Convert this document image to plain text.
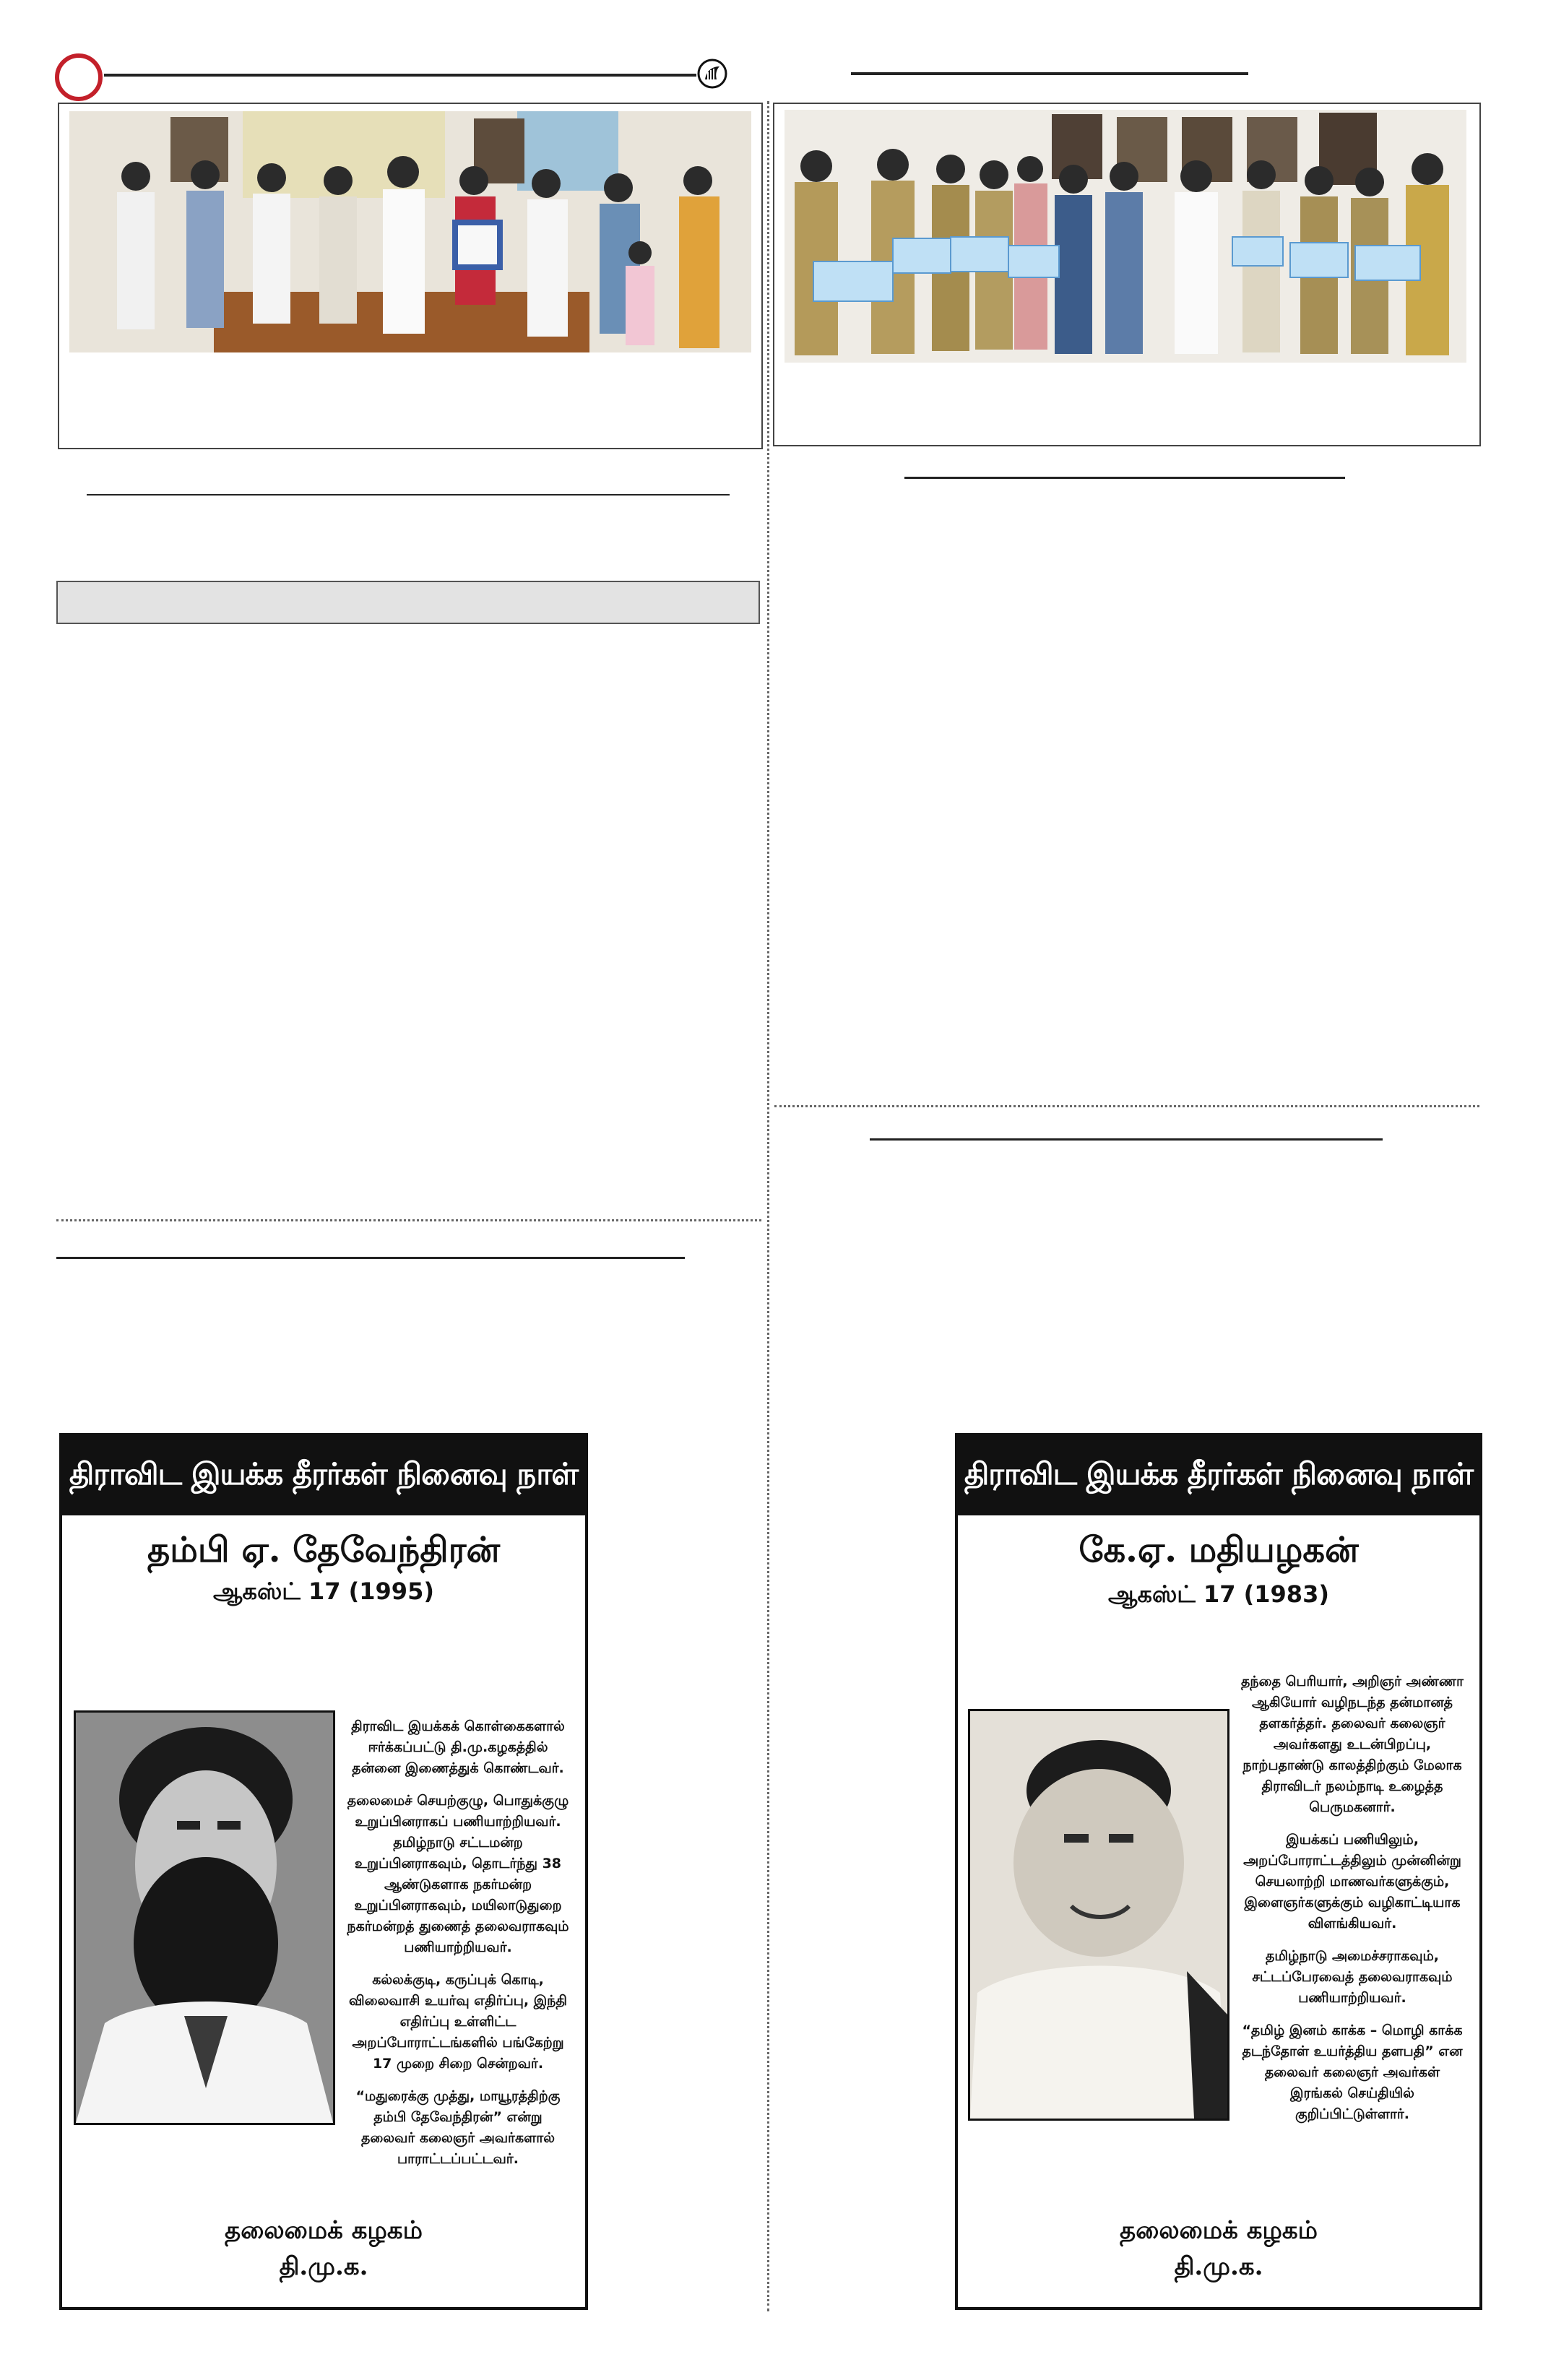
திராவிட இயக்க தீரர்கள் நினைவு நாள்
தம்பி ஏ. தேவேந்திரன்
ஆகஸ்ட் 17 (1995)

திராவிட இயக்கக் கொள்கைகளால் ஈர்க்கப்பட்டு தி.மு.கழகத்தில் தன்னை இணைத்துக் கொண்டவர்.

தலைமைச் செயற்குழு, பொதுக்குழு உறுப்பினராகப் பணியாற்றியவர். தமிழ்நாடு சட்டமன்ற உறுப்பினராகவும், தொடர்ந்து 38 ஆண்டுகளாக நகர்மன்ற உறுப்பினராகவும், மயிலாடுதுறை நகர்மன்றத் துணைத் தலைவராகவும் பணியாற்றியவர்.

கல்லக்குடி, கருப்புக் கொடி, விலைவாசி உயர்வு எதிர்ப்பு, இந்தி எதிர்ப்பு உள்ளிட்ட அறப்போராட்டங்களில் பங்கேற்று 17 முறை சிறை சென்றவர்.

“மதுரைக்கு முத்து, மாயூரத்திற்கு தம்பி தேவேந்திரன்” என்று தலைவர் கலைஞர் அவர்களால் பாராட்டப்பட்டவர்.

தலைமைக் கழகம்
தி.மு.க.
திராவிட இயக்க தீரர்கள் நினைவு நாள்
கே.ஏ. மதியழகன்
ஆகஸ்ட் 17 (1983)

தந்தை பெரியார், அறிஞர் அண்ணா ஆகியோர் வழிநடந்த தன்மானத் தளகர்த்தர். தலைவர் கலைஞர் அவர்களது உடன்பிறப்பு, நாற்பதாண்டு காலத்திற்கும் மேலாக திராவிடர் நலம்நாடி உழைத்த பெருமகனார்.

இயக்கப் பணியிலும், அறப்போராட்டத்திலும் முன்னின்று செயலாற்றி மாணவர்களுக்கும், இளைஞர்களுக்கும் வழிகாட்டியாக விளங்கியவர்.

தமிழ்நாடு அமைச்சராகவும், சட்டப்பேரவைத் தலைவராகவும் பணியாற்றியவர்.

“தமிழ் இனம் காக்க – மொழி காக்க தடந்தோள் உயர்த்திய தளபதி” என தலைவர் கலைஞர் அவர்கள் இரங்கல் செய்தியில் குறிப்பிட்டுள்ளார்.

தலைமைக் கழகம்
தி.மு.க.
